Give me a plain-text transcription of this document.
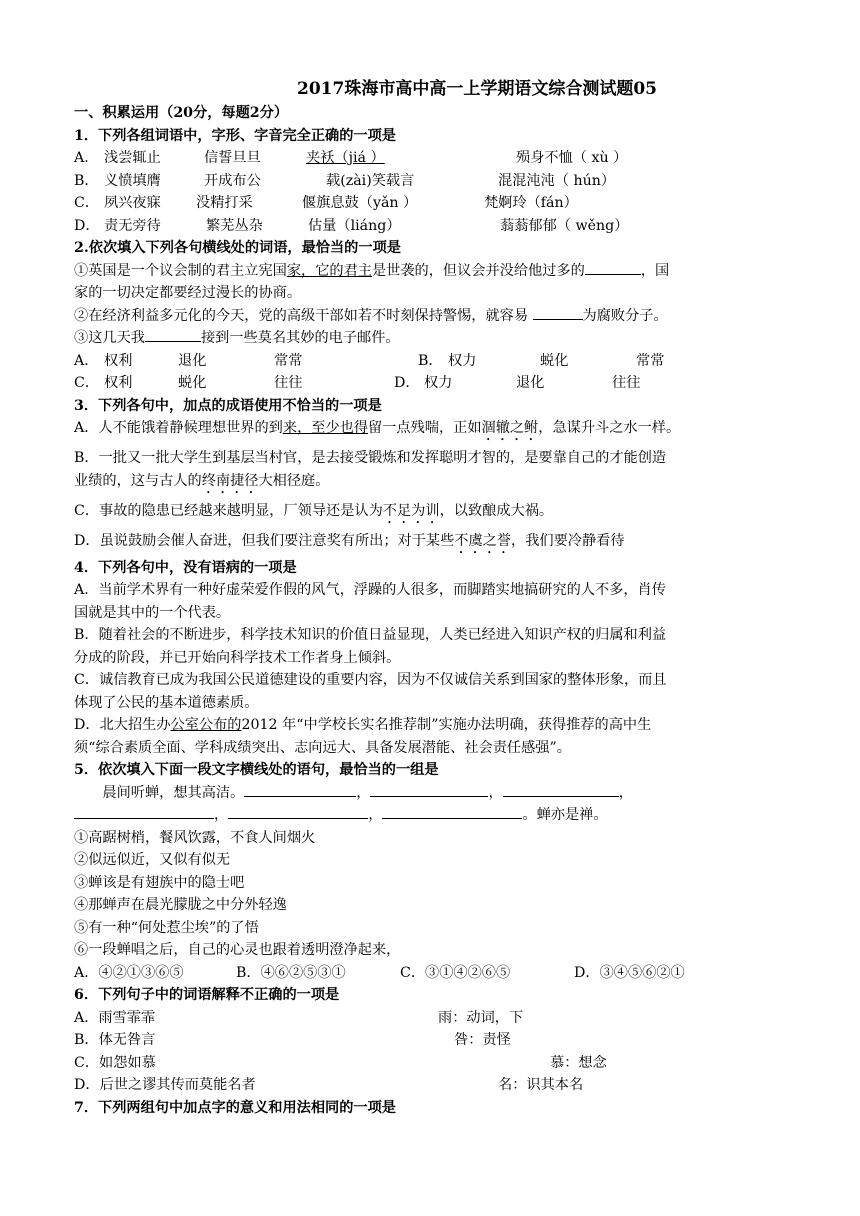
2017珠海市高中高一上学期语文综合测试题05
一、积累运用（20分，每题2分）
1．下列各组词语中，字形、字音完全正确的一项是
A． 浅尝辄止	信誓旦旦	夹袄（jiá ）	殒身不恤（ xù ）
B． 义愤填膺	开成布公	载(zài)笑载言	混混沌沌（ hún）
C． 夙兴夜寐	没精打采	偃旗息鼓（yǎn ）	梵婀玲（fán）
D． 责无旁待	繁芜丛杂	估量（liáng）	蓊蓊郁郁（ wěng）
2.依次填入下列各句横线处的词语，最恰当的一项是
①英国是一个议会制的君主立宪国家，它的君主是世袭的，但议会并没给他过多的	，国
家的一切决定都要经过漫长的协商。
②在经济利益多元化的今天，党的高级干部如若不时刻保持警惕，就容易	为腐败分子。
③这几天我	接到一些莫名其妙的电子邮件。
A． 权利	退化	常常	B． 权力	蜕化	常常
C． 权利	蜕化	往往	D． 权力	退化	往往
3．下列各句中，加点的成语使用不恰当的一项是
A．人不能饿着静候理想世界的到来，至少也得留一点残喘，正如涸辙之鲋，急谋升斗之水一样。
B．一批又一批大学生到基层当村官，是去接受锻炼和发挥聪明才智的，是要靠自己的才能创造
业绩的，这与古人的终南捷径大相径庭。
C．事故的隐患已经越来越明显，厂领导还是认为不足为训，以致酿成大祸。
D．虽说鼓励会催人奋进，但我们要注意奖有所出；对于某些不虞之誉，我们要冷静看待
4．下列各句中，没有语病的一项是
A．当前学术界有一种好虚荣爱作假的风气，浮躁的人很多，而脚踏实地搞研究的人不多，肖传
国就是其中的一个代表。
B．随着社会的不断进步，科学技术知识的价值日益显现，人类已经进入知识产权的归属和利益
分成的阶段，并已开始向科学技术工作者身上倾斜。
C．诚信教育已成为我国公民道德建设的重要内容，因为不仅诚信关系到国家的整体形象，而且
体现了公民的基本道德素质。
D．北大招生办公室公布的2012 年“中学校长实名推荐制”实施办法明确，获得推荐的高中生
须“综合素质全面、学科成绩突出、志向远大、具备发展潜能、社会责任感强”。
5．依次填入下面一段文字横线处的语句，最恰当的一组是
晨间听蝉，想其高洁。	，	，	，
，	，	。蝉亦是禅。
①高踞树梢，餐风饮露，不食人间烟火
②似远似近，又似有似无
③蝉该是有翅族中的隐士吧
④那蝉声在晨光朦胧之中分外轻逸
⑤有一种“何处惹尘埃”的了悟
⑥一段蝉唱之后，自己的心灵也跟着透明澄净起来，
A．④②①③⑥⑤	B．④⑥②⑤③①	C．③①④②⑥⑤	D．③④⑤⑥②①
6．下列句子中的词语解释不正确的一项是
A．雨雪霏霏	雨：动词，下
B．体无咎言	咎：责怪
C．如怨如慕	慕：想念
D．后世之谬其传而莫能名者	名：识其本名
7．下列两组句中加点字的意义和用法相同的一项是
